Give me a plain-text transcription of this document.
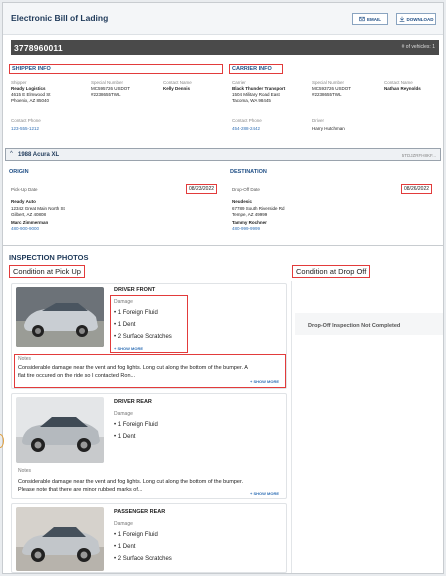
Electronic Bill of Lading	EMAIL	DOWNLOAD
3778960011	# of vehicles: 1
SHIPPER INFO
Shipper
Ready Logistics
4615 E Elmwood St
Phoenix, AZ 85040
Special Number
MC595726 USDOT
#2238655TWL
Contact Name
Kelly Dennis
Contact Phone
123-555-1212
CARRIER INFO
Carrier
Black Thunder Transport
1504 Military Road East
Tacoma, WA 98445
Special Number
MC593726 USDOT
#2238655TWL
Contact Name
Nathan Reynolds
Contact Phone
454-288-2442
Driver
Harry Hutchman
^ 1988 Acura XL	5TDJZRFH8KF...
ORIGIN
Pick-Up Date	08/23/2022
Ready Auto
12342 Great Main North St
Gilbert, AZ 40808
Marc Zimmerman
480-900-9000
DESTINATION
Drop-Off Date	08/26/2022
Neudesic
67789 South Riverside Rd
Tempe, AZ 49999
Tammy Rochner
480-999-9999
INSPECTION PHOTOS
Condition at Pick Up	Condition at Drop Off
Drop-Off Inspection Not Completed
DRIVER FRONT
Damage
• 1 Foreign Fluid
• 1 Dent
• 2 Surface Scratches
+ SHOW MORE
Notes
Considerable damage near the vent and fog lights. Long cut along the bottom of the bumper. A flat tire occured on the ride so I contacted Ron...
+ SHOW MORE
DRIVER REAR
Damage
• 1 Foreign Fluid
• 1 Dent
Notes
Considerable damage near the vent and fog lights. Long cut along the bottom of the bumper. Please note that there are minor rubbed marks of...
+ SHOW MORE
PASSENGER REAR
Damage
• 1 Foreign Fluid
• 1 Dent
• 2 Surface Scratches
